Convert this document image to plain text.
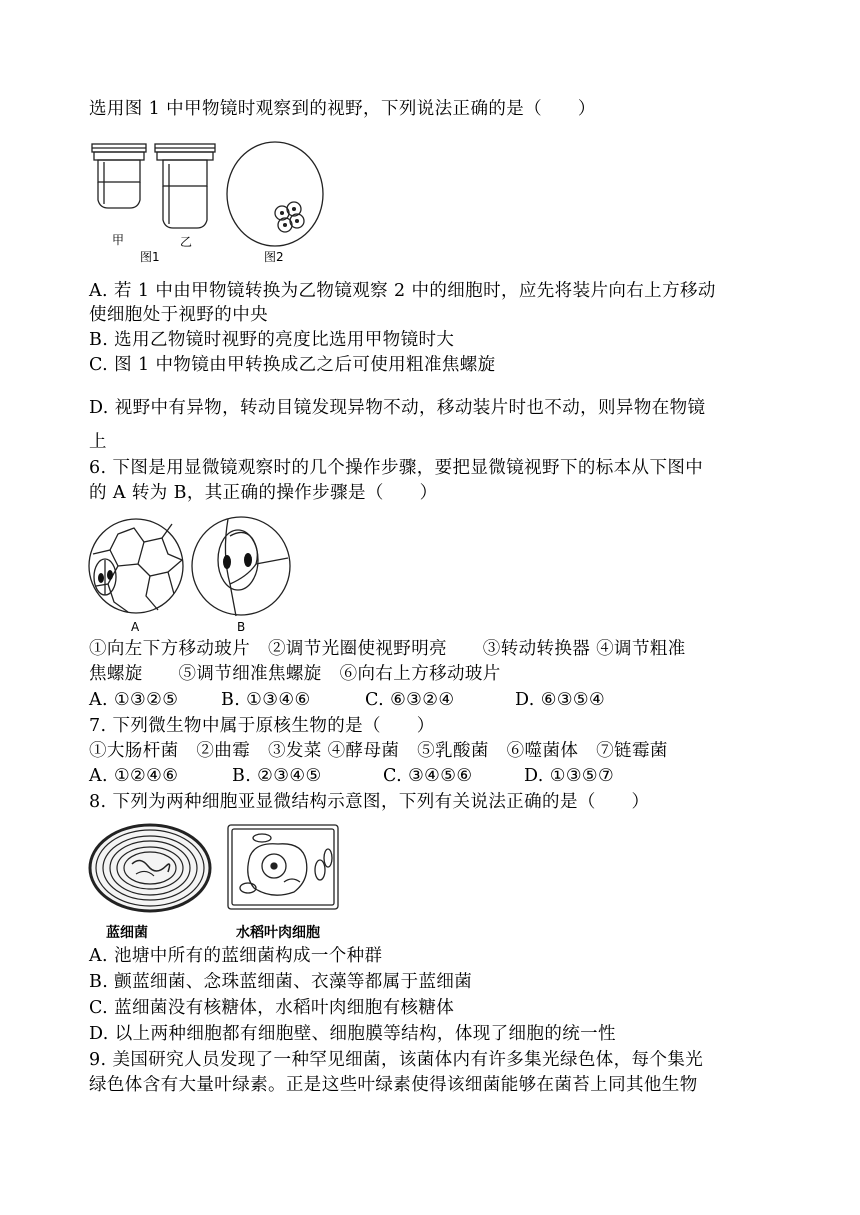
选用图 1 中甲物镜时观察到的视野，下列说法正确的是（　　）
甲	乙
图1	图2
A. 若 1 中由甲物镜转换为乙物镜观察 2 中的细胞时，应先将装片向右上方移动
使细胞处于视野的中央
B. 选用乙物镜时视野的亮度比选用甲物镜时大
C. 图 1 中物镜由甲转换成乙之后可使用粗准焦螺旋
D. 视野中有异物，转动目镜发现异物不动，移动装片时也不动，则异物在物镜
上
6. 下图是用显微镜观察时的几个操作步骤，要把显微镜视野下的标本从下图中
的 A 转为 B，其正确的操作步骤是（　　）
A	B
①向左下方移动玻片　②调节光圈使视野明亮　　③转动转换器 ④调节粗准
焦螺旋　　⑤调节细准焦螺旋　⑥向右上方移动玻片
A. ①③②⑤ B. ①③④⑥	C. ⑥③②④	D. ⑥③⑤④
7. 下列微生物中属于原核生物的是（　　）
①大肠杆菌　②曲霉　③发菜 ④酵母菌　⑤乳酸菌　⑥噬菌体　⑦链霉菌
A. ①②④⑥	B. ②③④⑤	C. ③④⑤⑥	D. ①③⑤⑦
8. 下列为两种细胞亚显微结构示意图，下列有关说法正确的是（　　）
蓝细菌	水稻叶肉细胞
A. 池塘中所有的蓝细菌构成一个种群
B. 颤蓝细菌、念珠蓝细菌、衣藻等都属于蓝细菌
C. 蓝细菌没有核糖体，水稻叶肉细胞有核糖体
D. 以上两种细胞都有细胞壁、细胞膜等结构，体现了细胞的统一性
9. 美国研究人员发现了一种罕见细菌，该菌体内有许多集光绿色体，每个集光
绿色体含有大量叶绿素。正是这些叶绿素使得该细菌能够在菌苔上同其他生物
